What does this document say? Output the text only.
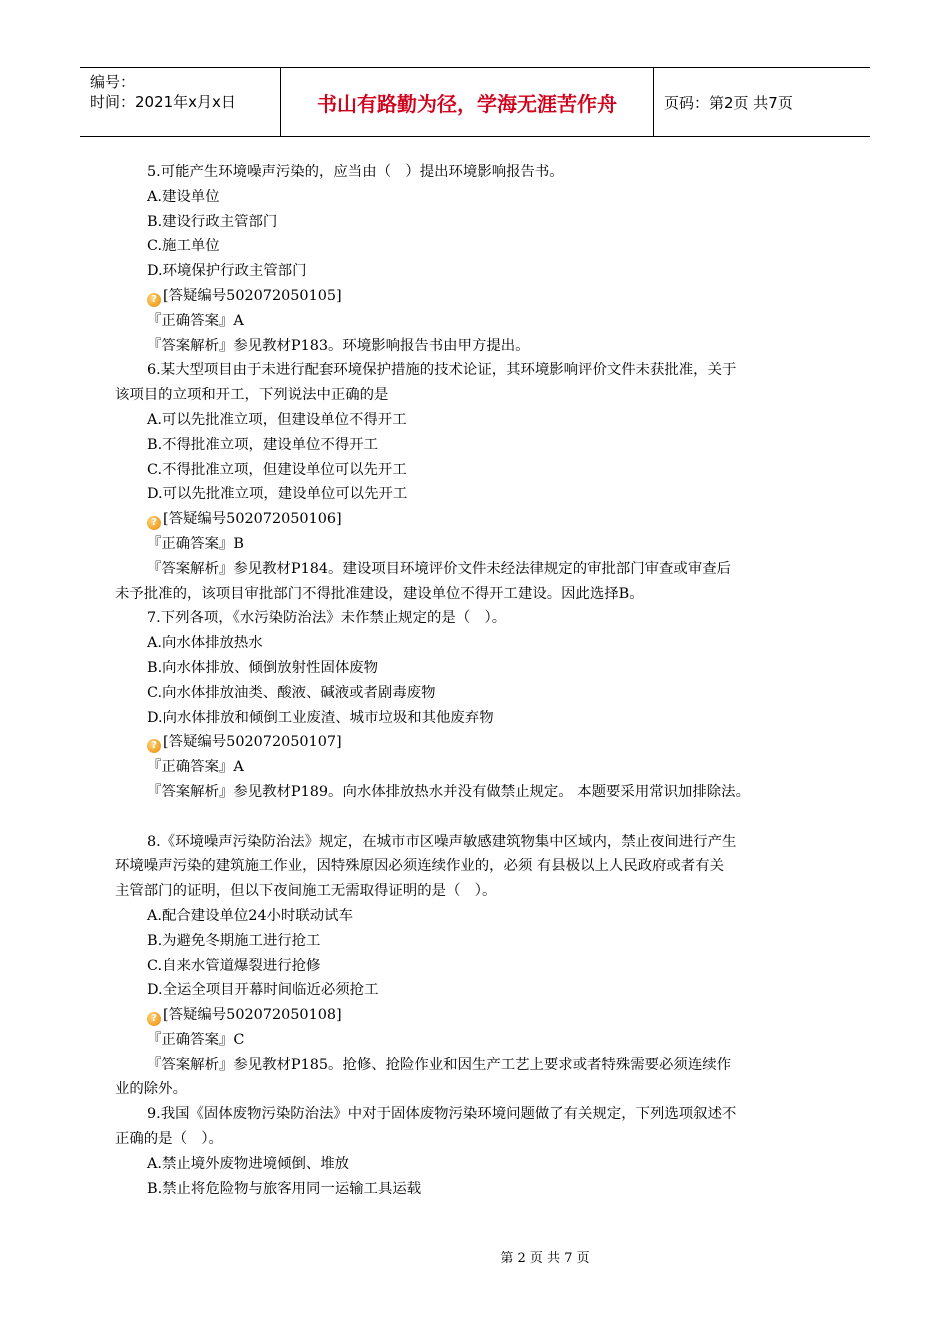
编号：
时间：2021年x月x日	书山有路勤为径，学海无涯苦作舟	页码：第2页 共7页
5.可能产生环境噪声污染的，应当由（　）提出环境影响报告书。
A.建设单位
B.建设行政主管部门
C.施工单位
D.环境保护行政主管部门
? [答疑编号502072050105]
『正确答案』A
『答案解析』参见教材P183。环境影响报告书由甲方提出。
6.某大型项目由于未进行配套环境保护措施的技术论证，其环境影响评价文件未获批准，关于
该项目的立项和开工，下列说法中正确的是
A.可以先批准立项，但建设单位不得开工
B.不得批准立项，建设单位不得开工
C.不得批准立项，但建设单位可以先开工
D.可以先批准立项，建设单位可以先开工
? [答疑编号502072050106]
『正确答案』B
『答案解析』参见教材P184。建设项目环境评价文件未经法律规定的审批部门审查或审查后
未予批准的，该项目审批部门不得批准建设，建设单位不得开工建设。因此选择B。
7.下列各项，《水污染防治法》未作禁止规定的是（　）。
A.向水体排放热水
B.向水体排放、倾倒放射性固体废物
C.向水体排放油类、酸液、碱液或者剧毒废物
D.向水体排放和倾倒工业废渣、城市垃圾和其他废弃物
? [答疑编号502072050107]
『正确答案』A
『答案解析』参见教材P189。向水体排放热水并没有做禁止规定。 本题要采用常识加排除法。
8.《环境噪声污染防治法》规定，在城市市区噪声敏感建筑物集中区域内，禁止夜间进行产生
环境噪声污染的建筑施工作业，因特殊原因必须连续作业的，必须 有县极以上人民政府或者有关
主管部门的证明，但以下夜间施工无需取得证明的是（　）。
A.配合建设单位24小时联动试车
B.为避免冬期施工进行抢工
C.自来水管道爆裂进行抢修
D.全运全项目开幕时间临近必须抢工
? [答疑编号502072050108]
『正确答案』C
『答案解析』参见教材P185。抢修、抢险作业和因生产工艺上要求或者特殊需要必须连续作
业的除外。
9.我国《固体废物污染防治法》中对于固体废物污染环境问题做了有关规定，下列选项叙述不
正确的是（　）。
A.禁止境外废物进境倾倒、堆放
B.禁止将危险物与旅客用同一运输工具运载
第 2 页 共 7 页
